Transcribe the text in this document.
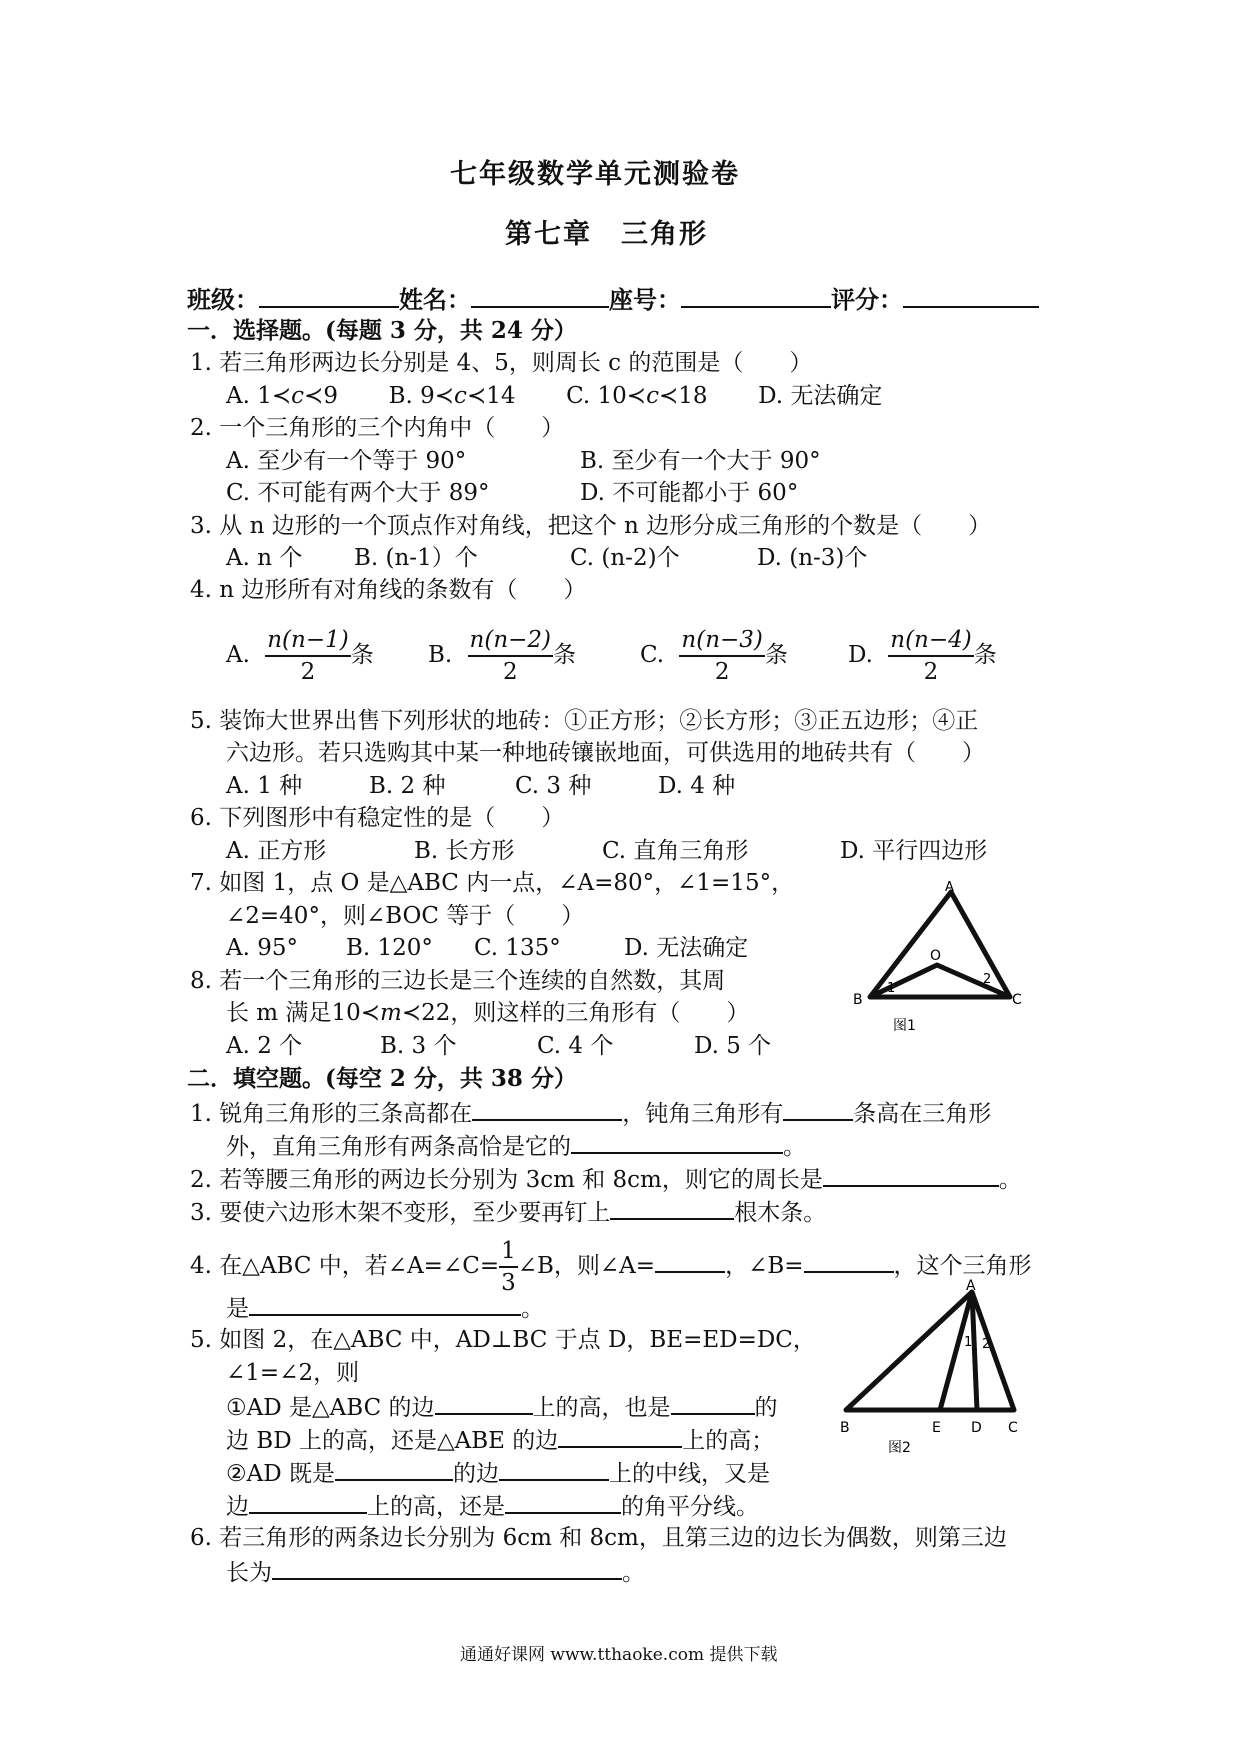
七年级数学单元测验卷
第七章　三角形
班级：	姓名：	座号：	评分：
一．选择题。(每题 3 分，共 24 分）
1. 若三角形两边长分别是 4、5，则周长 c 的范围是（　　）
A. 1≺c≺9 B. 9≺c≺14 C. 10≺c≺18 D. 无法确定
2. 一个三角形的三个内角中（　　）
A. 至少有一个等于 90°	B. 至少有一个大于 90°
C. 不可能有两个大于 89°	D. 不可能都小于 60°
3. 从 n 边形的一个顶点作对角线，把这个 n 边形分成三角形的个数是（　　）
A. n 个 B. (n-1）个	C. (n-2)个	D. (n-3)个
4. n 边形所有对角线的条数有（　　）
A. $\frac{n(n-1)}{2}$ 条 B. $\frac{n(n-2)}{2}$ 条	C. $\frac{n(n-3)}{2}$ 条	D. $\frac{n(n-4)}{2}$ 条
5. 装饰大世界出售下列形状的地砖：①正方形；②长方形；③正五边形；④正
六边形。若只选购其中某一种地砖镶嵌地面，可供选用的地砖共有（　　）
A. 1 种	B. 2 种	C. 3 种	D. 4 种
6. 下列图形中有稳定性的是（　　）
A. 正方形	B. 长方形	C. 直角三角形	D. 平行四边形
7. 如图 1，点 O 是△ABC 内一点，∠A=80°，∠1=15°，
∠2=40°，则∠BOC 等于（　　）
A. 95° B. 120° C. 135°	D. 无法确定
8. 若一个三角形的三边长是三个连续的自然数，其周
长 m 满足10≺m≺22，则这样的三角形有（　　）
A. 2 个	B. 3 个	C. 4 个	D. 5 个
A
B	C
O
1
2
图1
二．填空题。(每空 2 分，共 38 分）
1. 锐角三角形的三条高都在	，钝角三角形有	条高在三角形
外，直角三角形有两条高恰是它的	。
2. 若等腰三角形的两边长分别为 3cm 和 8cm，则它的周长是	。
3. 要使六边形木架不变形，至少要再钉上	根木条。
4. 在△ABC 中，若∠A=∠C= $\frac{1}{3}$ ∠B，则∠A=	，∠B=	，这个三角形
是	。
5. 如图 2，在△ABC 中，AD⊥BC 于点 D，BE=ED=DC，
∠1=∠2，则
①AD 是△ABC 的边	上的高，也是	的
边 BD 上的高，还是△ABE 的边	上的高；
②AD 既是	的边	上的中线，又是
边	上的高，还是	的角平分线。
A
B	E D C
1 2
图2
6. 若三角形的两条边长分别为 6cm 和 8cm，且第三边的边长为偶数，则第三边
长为	。
通通好课网 www.tthaoke.com 提供下载
